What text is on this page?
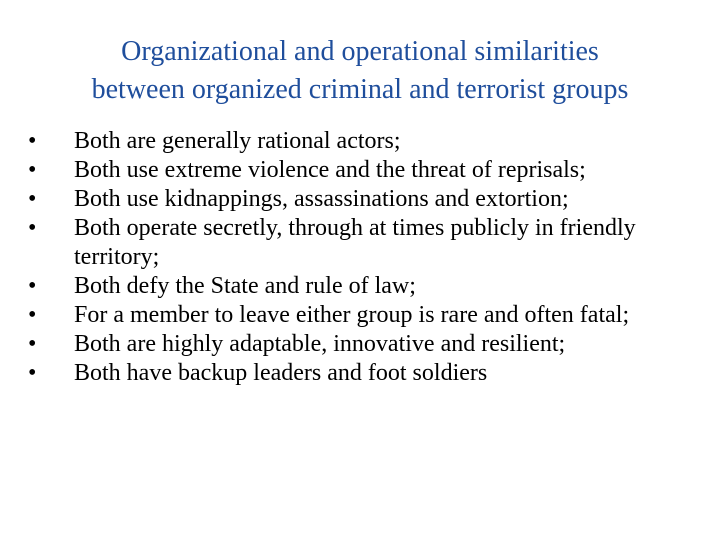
Organizational and operational similarities
between organized criminal and terrorist groups
•	Both are generally rational actors;
•	Both use extreme violence and the threat of reprisals;
•	Both use kidnappings, assassinations and extortion;
•	Both operate secretly, through at times publicly in friendly territory;
•	Both defy the State and rule of law;
•	For a member to leave either group is rare and often fatal;
•	Both are highly adaptable, innovative and resilient;
•	Both have backup leaders and foot soldiers
